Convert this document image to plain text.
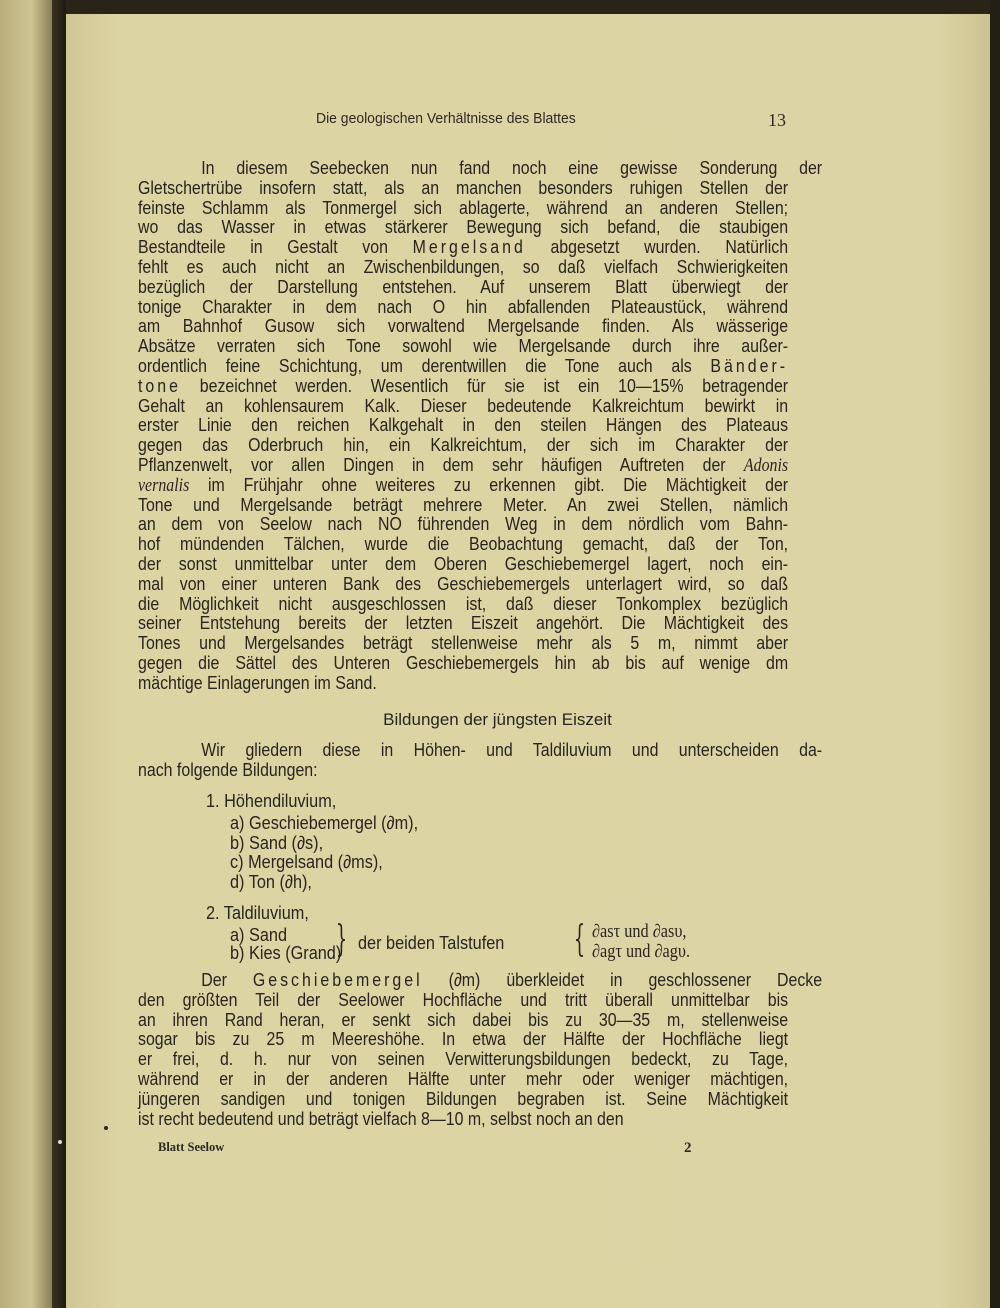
Die geologischen Verhältnisse des Blattes	13
In diesem Seebecken nun fand noch eine gewisse Sonderung der
Gletschertrübe insofern statt, als an manchen besonders ruhigen Stellen der
feinste Schlamm als Tonmergel sich ablagerte, während an anderen Stellen;
wo das Wasser in etwas stärkerer Bewegung sich befand, die staubigen
Bestandteile in Gestalt von Mergelsand abgesetzt wurden. Natürlich
fehlt es auch nicht an Zwischenbildungen, so daß vielfach Schwierigkeiten
bezüglich der Darstellung entstehen. Auf unserem Blatt überwiegt der
tonige Charakter in dem nach O hin abfallenden Plateaustück, während
am Bahnhof Gusow sich vorwaltend Mergelsande finden. Als wässerige
Absätze verraten sich Tone sowohl wie Mergelsande durch ihre außer-
ordentlich feine Schichtung, um derentwillen die Tone auch als Bänder-
tone bezeichnet werden. Wesentlich für sie ist ein 10—15% betragender
Gehalt an kohlensaurem Kalk. Dieser bedeutende Kalkreichtum bewirkt in
erster Linie den reichen Kalkgehalt in den steilen Hängen des Plateaus
gegen das Oderbruch hin, ein Kalkreichtum, der sich im Charakter der
Pflanzenwelt, vor allen Dingen in dem sehr häufigen Auftreten der Adonis
vernalis im Frühjahr ohne weiteres zu erkennen gibt. Die Mächtigkeit der
Tone und Mergelsande beträgt mehrere Meter. An zwei Stellen, nämlich
an dem von Seelow nach NO führenden Weg in dem nördlich vom Bahn-
hof mündenden Tälchen, wurde die Beobachtung gemacht, daß der Ton,
der sonst unmittelbar unter dem Oberen Geschiebemergel lagert, noch ein-
mal von einer unteren Bank des Geschiebemergels unterlagert wird, so daß
die Möglichkeit nicht ausgeschlossen ist, daß dieser Tonkomplex bezüglich
seiner Entstehung bereits der letzten Eiszeit angehört. Die Mächtigkeit des
Tones und Mergelsandes beträgt stellenweise mehr als 5 m, nimmt aber
gegen die Sättel des Unteren Geschiebemergels hin ab bis auf wenige dm
mächtige Einlagerungen im Sand.
Bildungen der jüngsten Eiszeit
Wir gliedern diese in Höhen- und Taldiluvium und unterscheiden da-
nach folgende Bildungen:
1. Höhendiluvium,
a) Geschiebemergel (∂m),
b) Sand (∂s),
c) Mergelsand (∂ms),
d) Ton (∂h),
2. Taldiluvium,
a) Sand
b) Kies (Grand)
} der beiden Talstufen	{ ∂asτ und ∂asυ,
∂agτ und ∂agυ.
Der Geschiebemergel (∂m) überkleidet in geschlossener Decke
den größten Teil der Seelower Hochfläche und tritt überall unmittelbar bis
an ihren Rand heran, er senkt sich dabei bis zu 30—35 m, stellenweise
sogar bis zu 25 m Meereshöhe. In etwa der Hälfte der Hochfläche liegt
er frei, d. h. nur von seinen Verwitterungsbildungen bedeckt, zu Tage,
während er in der anderen Hälfte unter mehr oder weniger mächtigen,
jüngeren sandigen und tonigen Bildungen begraben ist. Seine Mächtigkeit
ist recht bedeutend und beträgt vielfach 8—10 m, selbst noch an den
Blatt Seelow	2
